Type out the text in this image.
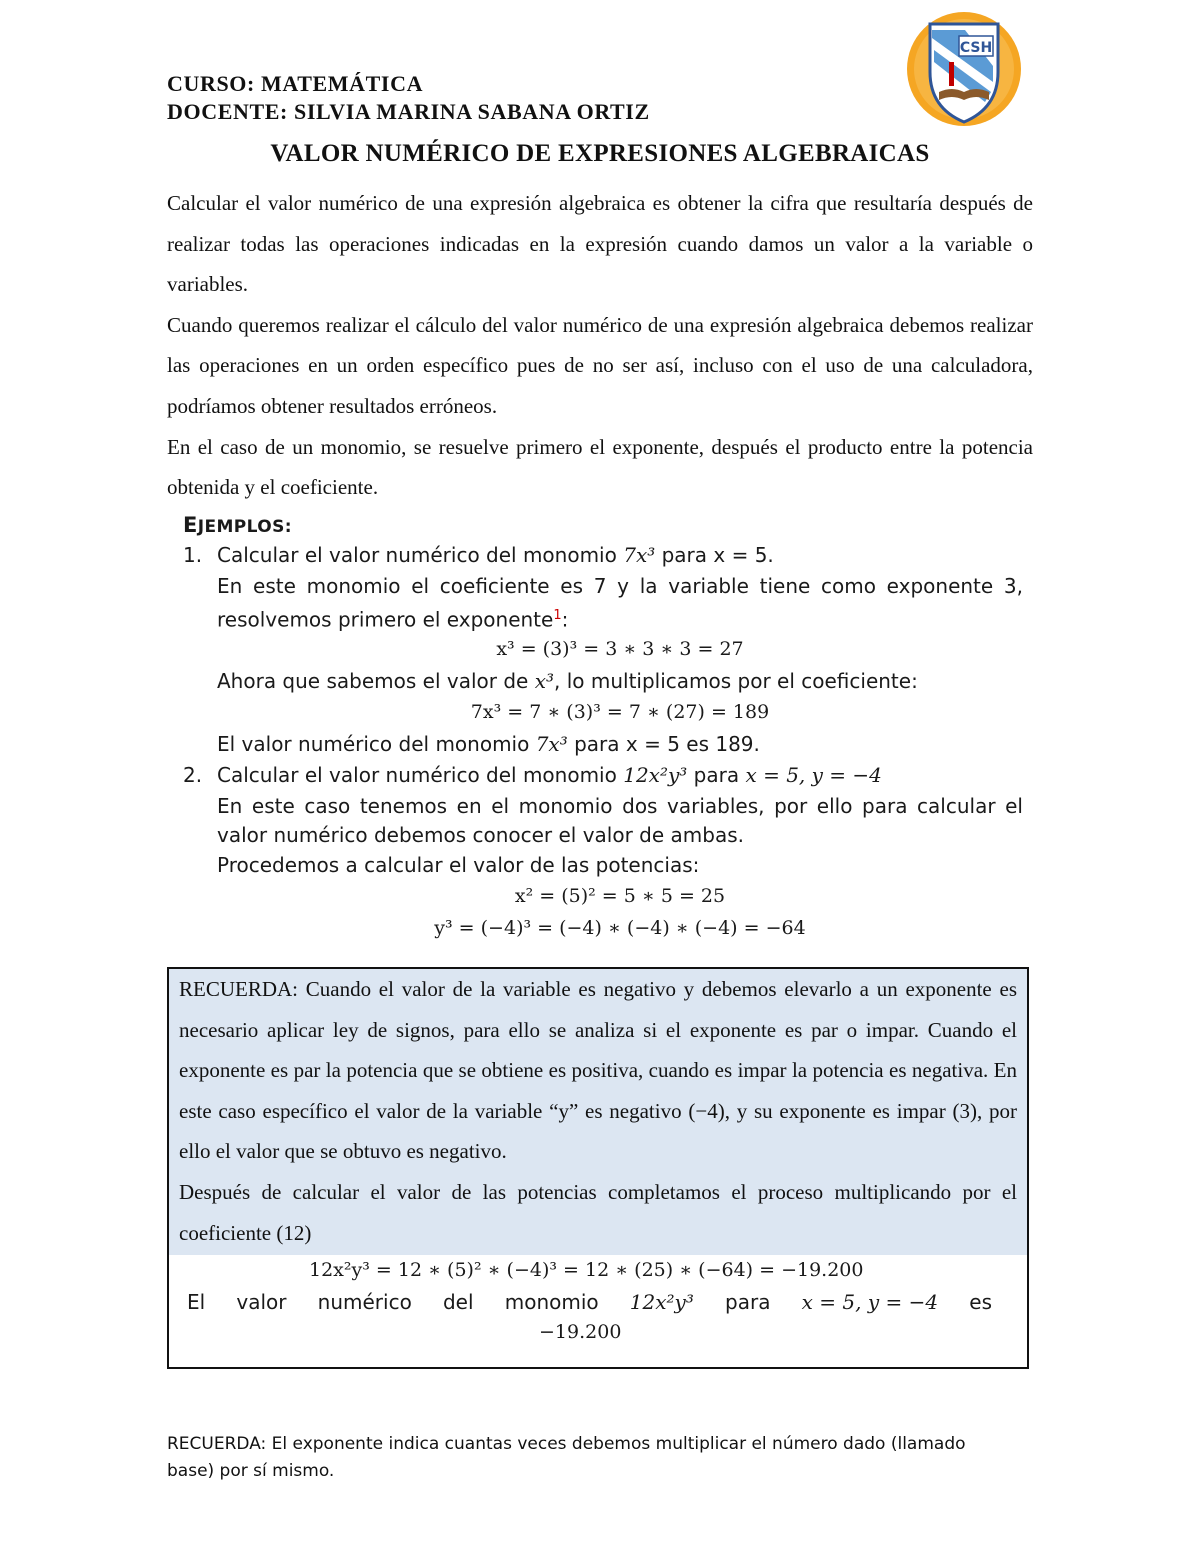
CSH
CURSO: MATEMÁTICA
DOCENTE: SILVIA MARINA SABANA ORTIZ
VALOR NUMÉRICO DE EXPRESIONES ALGEBRAICAS

Calcular el valor numérico de una expresión algebraica es obtener la cifra que resultaría después de realizar todas las operaciones indicadas en la expresión cuando damos un valor a la variable o variables.

Cuando queremos realizar el cálculo del valor numérico de una expresión algebraica debemos realizar las operaciones en un orden específico pues de no ser así, incluso con el uso de una calculadora, podríamos obtener resultados erróneos.

En el caso de un monomio, se resuelve primero el exponente, después el producto entre la potencia obtenida y el coeficiente.

EJEMPLOS:
1. Calcular el valor numérico del monomio 7x³ para x = 5.
En este monomio el coeficiente es 7 y la variable tiene como exponente 3, resolvemos primero el exponente$^1$:
x³ = (3)³ = 3 ∗ 3 ∗ 3 = 27
Ahora que sabemos el valor de x³, lo multiplicamos por el coeficiente:
7x³ = 7 ∗ (3)³ = 7 ∗ (27) = 189
El valor numérico del monomio 7x³ para x = 5 es 189.
2. Calcular el valor numérico del monomio 12x²y³ para x = 5, y = −4
En este caso tenemos en el monomio dos variables, por ello para calcular el valor numérico debemos conocer el valor de ambas.
Procedemos a calcular el valor de las potencias:
x² = (5)² = 5 ∗ 5 = 25
y³ = (−4)³ = (−4) ∗ (−4) ∗ (−4) = −64

RECUERDA: Cuando el valor de la variable es negativo y debemos elevarlo a un exponente es necesario aplicar ley de signos, para ello se analiza si el exponente es par o impar. Cuando el exponente es par la potencia que se obtiene es positiva, cuando es impar la potencia es negativa. En este caso específico el valor de la variable “y” es negativo (−4), y su exponente es impar (3), por ello el valor que se obtuvo es negativo.

Después de calcular el valor de las potencias completamos el proceso multiplicando por el coeficiente (12)

12x²y³ = 12 ∗ (5)² ∗ (−4)³ = 12 ∗ (25) ∗ (−64) = −19.200
El valor numérico del monomio 12x²y³ para x = 5, y = −4 es
−19.200
RECUERDA: El exponente indica cuantas veces debemos multiplicar el número dado (llamado base) por sí mismo.
